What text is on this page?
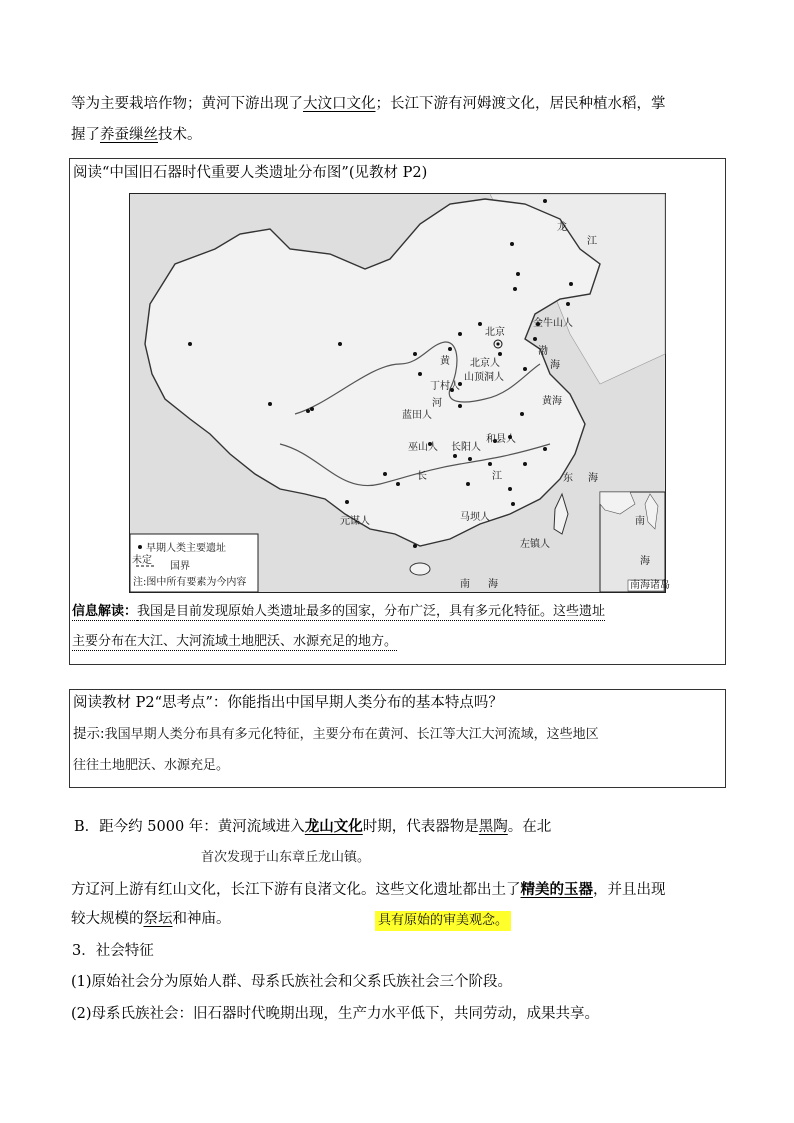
等为主要栽培作物；黄河下游出现了大汶口文化；长江下游有河姆渡文化，居民种植水稻，掌
握了养蚕缫丝技术。
阅读“中国旧石器时代重要人类遗址分布图”(见教材 P2)
北京
金牛山人
北京人
山顶洞人
丁村人
蓝田人
巫山人 长阳人
和县人
元谋人	马坝人
左镇人
黄海
渤
海
东 海
南 海
黄
河
长	江
龙
江
早期人类主要遗址
未定
国界
注:图中所有要素为今内容
南
海
南海诸岛
信息解读：我国是目前发现原始人类遗址最多的国家，分布广泛，具有多元化特征。这些遗址
主要分布在大江、大河流域土地肥沃、水源充足的地方。
阅读教材 P2“思考点”：你能指出中国早期人类分布的基本特点吗？
提示:我国早期人类分布具有多元化特征，主要分布在黄河、长江等大江大河流域，这些地区
往往土地肥沃、水源充足。
B．距今约 5000 年：黄河流域进入龙山文化时期，代表器物是黑陶。在北
首次发现于山东章丘龙山镇。
方辽河上游有红山文化，长江下游有良渚文化。这些文化遗址都出土了精美的玉器，并且出现
较大规模的祭坛和神庙。	具有原始的审美观念。
3．社会特征
(1)原始社会分为原始人群、母系氏族社会和父系氏族社会三个阶段。
(2)母系氏族社会：旧石器时代晚期出现，生产力水平低下，共同劳动，成果共享。
